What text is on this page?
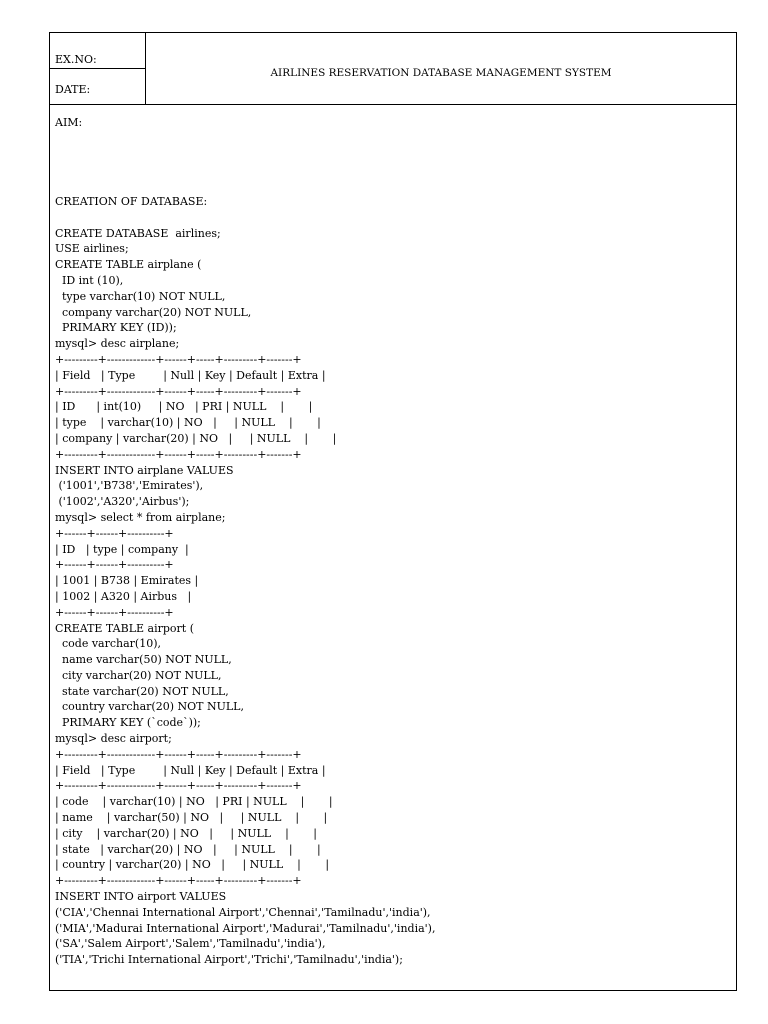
EX.NO:
DATE:
AIRLINES RESERVATION DATABASE MANAGEMENT SYSTEM
AIM:
CREATION OF DATABASE:
CREATE DATABASE  airlines;
USE airlines;
CREATE TABLE airplane (
ID int (10),
type varchar(10) NOT NULL,
company varchar(20) NOT NULL,
PRIMARY KEY (ID));
mysql> desc airplane;
+---------+-------------+------+-----+---------+-------+
| Field   | Type        | Null | Key | Default | Extra |
+---------+-------------+------+-----+---------+-------+
| ID      | int(10)     | NO   | PRI | NULL    |       |
| type    | varchar(10) | NO   |     | NULL    |       |
| company | varchar(20) | NO   |     | NULL    |       |
+---------+-------------+------+-----+---------+-------+
INSERT INTO airplane VALUES
('1001','B738','Emirates'),
('1002','A320','Airbus');
mysql> select * from airplane;
+------+------+----------+
| ID   | type | company  |
+------+------+----------+
| 1001 | B738 | Emirates |
| 1002 | A320 | Airbus   |
+------+------+----------+
CREATE TABLE airport (
code varchar(10),
name varchar(50) NOT NULL,
city varchar(20) NOT NULL,
state varchar(20) NOT NULL,
country varchar(20) NOT NULL,
PRIMARY KEY (`code`));
mysql> desc airport;
+---------+-------------+------+-----+---------+-------+
| Field   | Type        | Null | Key | Default | Extra |
+---------+-------------+------+-----+---------+-------+
| code    | varchar(10) | NO   | PRI | NULL    |       |
| name    | varchar(50) | NO   |     | NULL    |       |
| city    | varchar(20) | NO   |     | NULL    |       |
| state   | varchar(20) | NO   |     | NULL    |       |
| country | varchar(20) | NO   |     | NULL    |       |
+---------+-------------+------+-----+---------+-------+
INSERT INTO airport VALUES
('CIA','Chennai International Airport','Chennai','Tamilnadu','india'),
('MIA','Madurai International Airport','Madurai','Tamilnadu','india'),
('SA','Salem Airport','Salem','Tamilnadu','india'),
('TIA','Trichi International Airport','Trichi','Tamilnadu','india');
